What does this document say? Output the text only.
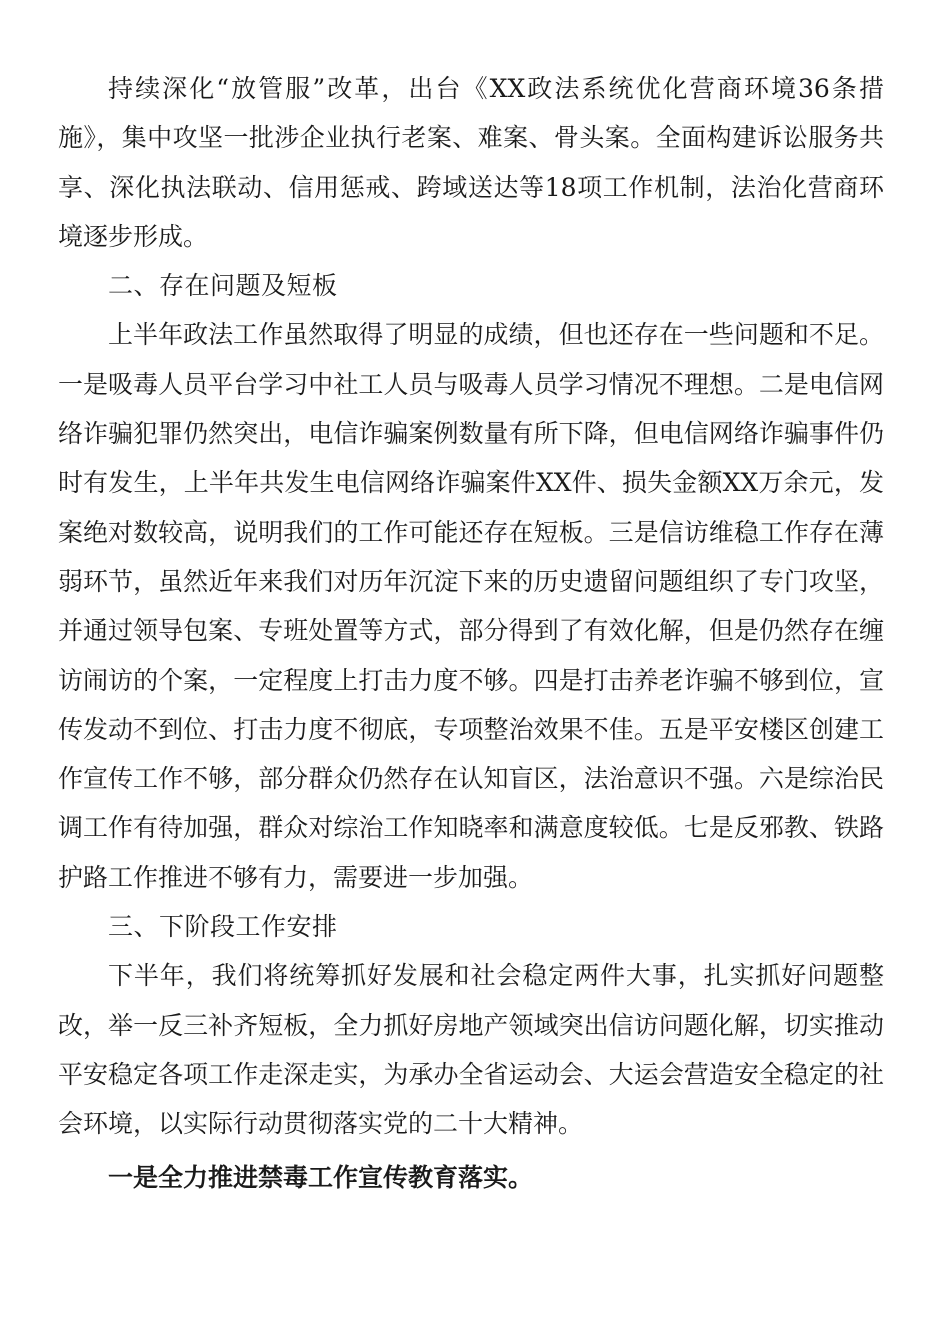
持续深化“放管服”改革，出台《XX政法系统优化营商环境36条措施》，集中攻坚一批涉企业执行老案、难案、骨头案。全面构建诉讼服务共享、深化执法联动、信用惩戒、跨域送达等18项工作机制，法治化营商环境逐步形成。

二、存在问题及短板

上半年政法工作虽然取得了明显的成绩，但也还存在一些问题和不足。一是吸毒人员平台学习中社工人员与吸毒人员学习情况不理想。二是电信网络诈骗犯罪仍然突出，电信诈骗案例数量有所下降，但电信网络诈骗事件仍时有发生，上半年共发生电信网络诈骗案件XX件、损失金额XX万余元，发案绝对数较高，说明我们的工作可能还存在短板。三是信访维稳工作存在薄弱环节，虽然近年来我们对历年沉淀下来的历史遗留问题组织了专门攻坚，并通过领导包案、专班处置等方式，部分得到了有效化解，但是仍然存在缠访闹访的个案，一定程度上打击力度不够。四是打击养老诈骗不够到位，宣传发动不到位、打击力度不彻底，专项整治效果不佳。五是平安楼区创建工作宣传工作不够，部分群众仍然存在认知盲区，法治意识不强。六是综治民调工作有待加强，群众对综治工作知晓率和满意度较低。七是反邪教、铁路护路工作推进不够有力，需要进一步加强。

三、下阶段工作安排

下半年，我们将统筹抓好发展和社会稳定两件大事，扎实抓好问题整改，举一反三补齐短板，全力抓好房地产领域突出信访问题化解，切实推动平安稳定各项工作走深走实，为承办全省运动会、大运会营造安全稳定的社会环境，以实际行动贯彻落实党的二十大精神。

一是全力推进禁毒工作宣传教育落实。
